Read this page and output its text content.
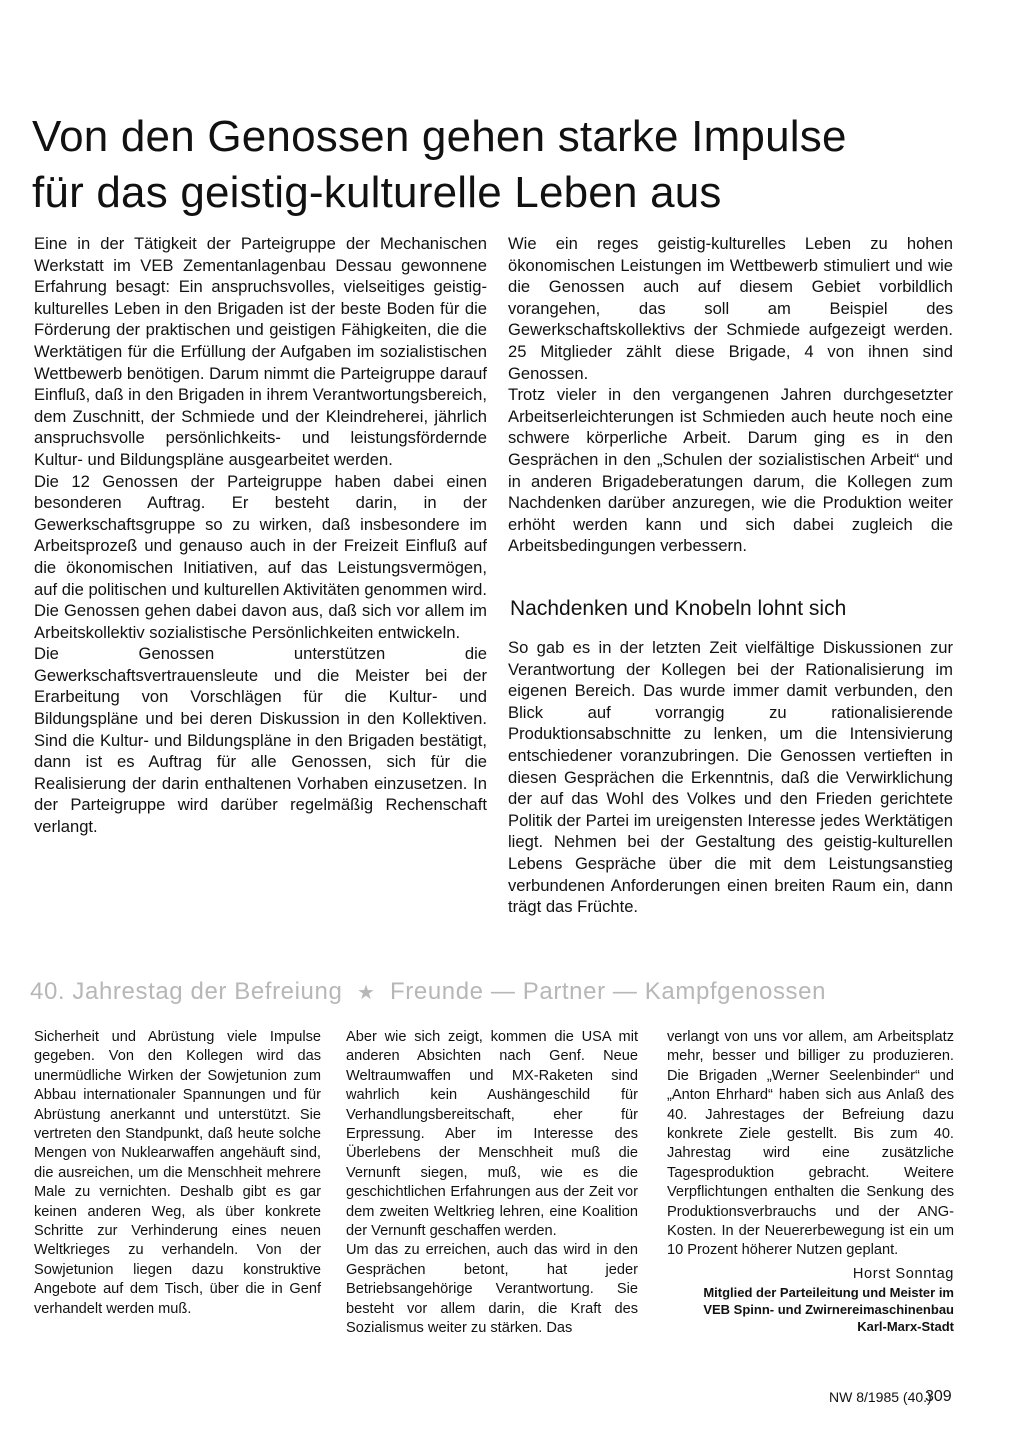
Von den Genossen gehen starke Impulse
für das geistig-kulturelle Leben aus

Eine in der Tätigkeit der Parteigruppe der Mechanischen Werkstatt im VEB Zementanlagenbau Dessau gewonnene Erfahrung besagt: Ein anspruchsvolles, vielseitiges geistig-kulturelles Leben in den Brigaden ist der beste Boden für die Förderung der praktischen und geistigen Fähigkeiten, die die Werktätigen für die Erfüllung der Aufgaben im sozialistischen Wettbewerb benötigen. Darum nimmt die Parteigruppe darauf Einfluß, daß in den Brigaden in ihrem Verantwortungsbereich, dem Zuschnitt, der Schmiede und der Kleindreherei, jährlich anspruchsvolle persönlichkeits- und leistungsfördernde Kultur- und Bildungspläne ausgearbeitet werden.

Die 12 Genossen der Parteigruppe haben dabei einen besonderen Auftrag. Er besteht darin, in der Gewerkschaftsgruppe so zu wirken, daß insbesondere im Arbeitsprozeß und genauso auch in der Freizeit Einfluß auf die ökonomischen Initiativen, auf das Leistungsvermögen, auf die politischen und kulturellen Aktivitäten genommen wird. Die Genossen gehen dabei davon aus, daß sich vor allem im Arbeitskollektiv sozialistische Persönlichkeiten entwickeln.

Die Genossen unterstützen die Gewerkschaftsvertrauensleute und die Meister bei der Erarbeitung von Vorschlägen für die Kultur- und Bildungspläne und bei deren Diskussion in den Kollektiven. Sind die Kultur- und Bildungspläne in den Brigaden bestätigt, dann ist es Auftrag für alle Genossen, sich für die Realisierung der darin enthaltenen Vorhaben einzusetzen. In der Parteigruppe wird darüber regelmäßig Rechenschaft verlangt.

Wie ein reges geistig-kulturelles Leben zu hohen ökonomischen Leistungen im Wettbewerb stimuliert und wie die Genossen auch auf diesem Gebiet vorbildlich vorangehen, das soll am Beispiel des Gewerkschaftskollektivs der Schmiede aufgezeigt werden. 25 Mitglieder zählt diese Brigade, 4 von ihnen sind Genossen.

Trotz vieler in den vergangenen Jahren durchgesetzter Arbeitserleichterungen ist Schmieden auch heute noch eine schwere körperliche Arbeit. Darum ging es in den Gesprächen in den „Schulen der sozialistischen Arbeit“ und in anderen Brigadeberatungen darum, die Kollegen zum Nachdenken darüber anzuregen, wie die Produktion weiter erhöht werden kann und sich dabei zugleich die Arbeitsbedingungen verbessern.

Nachdenken und Knobeln lohnt sich

So gab es in der letzten Zeit vielfältige Diskussionen zur Verantwortung der Kollegen bei der Rationalisierung im eigenen Bereich. Das wurde immer damit verbunden, den Blick auf vorrangig zu rationalisierende Produktionsabschnitte zu lenken, um die Intensivierung entschiedener voranzubringen. Die Genossen vertieften in diesen Gesprächen die Erkenntnis, daß die Verwirklichung der auf das Wohl des Volkes und den Frieden gerichtete Politik der Partei im ureigensten Interesse jedes Werktätigen liegt. Nehmen bei der Gestaltung des geistig-kulturellen Lebens Gespräche über die mit dem Leistungsanstieg verbundenen Anforderungen einen breiten Raum ein, dann trägt das Früchte.

40. Jahrestag der Befreiung ★ Freunde — Partner — Kampfgenossen

Sicherheit und Abrüstung viele Impulse gegeben. Von den Kollegen wird das unermüdliche Wirken der Sowjetunion zum Abbau internationaler Spannungen und für Abrüstung anerkannt und unterstützt. Sie vertreten den Standpunkt, daß heute solche Mengen von Nuklearwaffen angehäuft sind, die ausreichen, um die Menschheit mehrere Male zu vernichten. Deshalb gibt es gar keinen anderen Weg, als über konkrete Schritte zur Verhinderung eines neuen Weltkrieges zu verhandeln. Von der Sowjetunion liegen dazu konstruktive Angebote auf dem Tisch, über die in Genf verhandelt werden muß.

Aber wie sich zeigt, kommen die USA mit anderen Absichten nach Genf. Neue Weltraumwaffen und MX-Raketen sind wahrlich kein Aushängeschild für Verhandlungsbereitschaft, eher für Erpressung. Aber im Interesse des Überlebens der Menschheit muß die Vernunft siegen, muß, wie es die geschichtlichen Erfahrungen aus der Zeit vor dem zweiten Weltkrieg lehren, eine Koalition der Vernunft geschaffen werden.

Um das zu erreichen, auch das wird in den Gesprächen betont, hat jeder Betriebsangehörige Verantwortung. Sie besteht vor allem darin, die Kraft des Sozialismus weiter zu stärken. Das

verlangt von uns vor allem, am Arbeitsplatz mehr, besser und billiger zu produzieren. Die Brigaden „Werner Seelenbinder“ und „Anton Ehrhard“ haben sich aus Anlaß des 40. Jahrestages der Befreiung dazu konkrete Ziele gestellt. Bis zum 40. Jahrestag wird eine zusätzliche Tagesproduktion gebracht. Weitere Verpflichtungen enthalten die Senkung des Produktionsverbrauchs und der ANG-Kosten. In der Neuererbewegung ist ein um 10 Prozent höherer Nutzen geplant.

Horst Sonntag

Mitglied der Parteileitung und Meister im

VEB Spinn- und Zwirnereimaschinenbau

Karl-Marx-Stadt

NW 8/1985 (40.)
309
